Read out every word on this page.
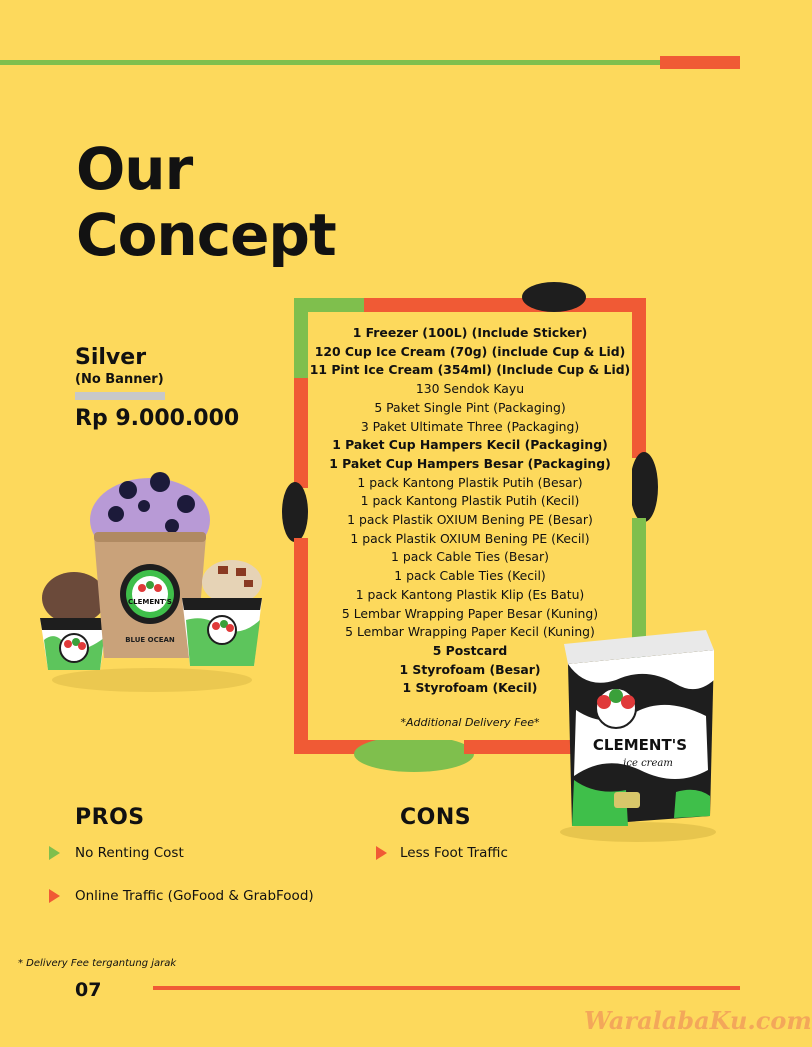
Our
Concept
Silver
(No Banner)
Rp 9.000.000
CLEMENT'S
BLUE OCEAN
1 Freezer (100L) (Include Sticker)
120 Cup Ice Cream (70g) (include Cup & Lid)
11 Pint Ice Cream (354ml) (Include Cup & Lid)
130 Sendok Kayu
5 Paket Single Pint (Packaging)
3 Paket Ultimate Three (Packaging)
1 Paket Cup Hampers Kecil (Packaging)
1 Paket Cup Hampers Besar (Packaging)
1 pack Kantong Plastik Putih (Besar)
1 pack Kantong Plastik Putih (Kecil)
1 pack Plastik OXIUM Bening PE (Besar)
1 pack Plastik OXIUM Bening PE (Kecil)
1 pack Cable Ties (Besar)
1 pack Cable Ties (Kecil)
1 pack Kantong Plastik Klip (Es Batu)
5 Lembar Wrapping Paper Besar (Kuning)
5 Lembar Wrapping Paper Kecil (Kuning)
5 Postcard
1 Styrofoam (Besar)
1 Styrofoam (Kecil)
*Additional Delivery Fee*
CLEMENT'S
ice cream
PROS
No Renting Cost
Online Traffic (GoFood & GrabFood)
CONS
Less Foot Traffic
* Delivery Fee tergantung jarak
07
WaralabaKu.com
